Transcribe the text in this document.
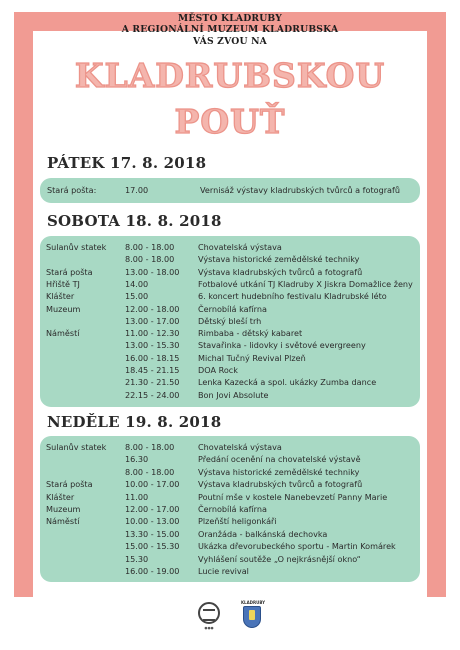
MĚSTO KLADRUBY
A REGIONÁLNÍ MUZEUM KLADRUBSKA
VÁS ZVOU NA
KLADRUBSKOU
POUŤ
PÁTEK 17. 8. 2018
Stará pošta:	17.00	Vernisáž výstavy kladrubských tvůrců a fotografů
SOBOTA 18. 8. 2018
Sulanův statek 8.00 - 18.00	Chovatelská výstava
8.00 - 18.00	Výstava historické zemědělské techniky
Stará pošta	13.00 - 18.00 Výstava kladrubských tvůrců a fotografů
Hřiště TJ	14.00	Fotbalové utkání TJ Kladruby X Jiskra Domažlice ženy
Klášter	15.00	6. koncert hudebního festivalu Kladrubské léto
Muzeum	12.00 - 18.00 Černobílá kafírna
13.00 - 17.00 Dětský bleší trh
Náměstí	11.00 - 12.30 Rimbaba - dětský kabaret
13.00 - 15.30 Stavařinka - lidovky i světové evergreeny
16.00 - 18.15 Michal Tučný Revival Plzeň
18.45 - 21.15 DOA Rock
21.30 - 21.50 Lenka Kazecká a spol. ukázky Zumba dance
22.15 - 24.00 Bon Jovi Absolute
NEDĚLE 19. 8. 2018
Sulanův statek 8.00 - 18.00	Chovatelská výstava
16.30	Předání ocenění na chovatelské výstavě
8.00 - 18.00	Výstava historické zemědělské techniky
Stará pošta	10.00 - 17.00 Výstava kladrubských tvůrců a fotografů
Klášter	11.00	Poutní mše v kostele Nanebevzetí Panny Marie
Muzeum	12.00 - 17.00 Černobílá kafírna
Náměstí	10.00 - 13.00 Plzeňští heligonkáři
13.30 - 15.00 Oranžáda - balkánská dechovka
15.00 - 15.30 Ukázka dřevorubeckého sportu - Martin Komárek
15.30	Vyhlášení soutěže „O nejkrásnější okno“
16.00 - 19.00 Lucie revival
●●●
KLADRUBY
